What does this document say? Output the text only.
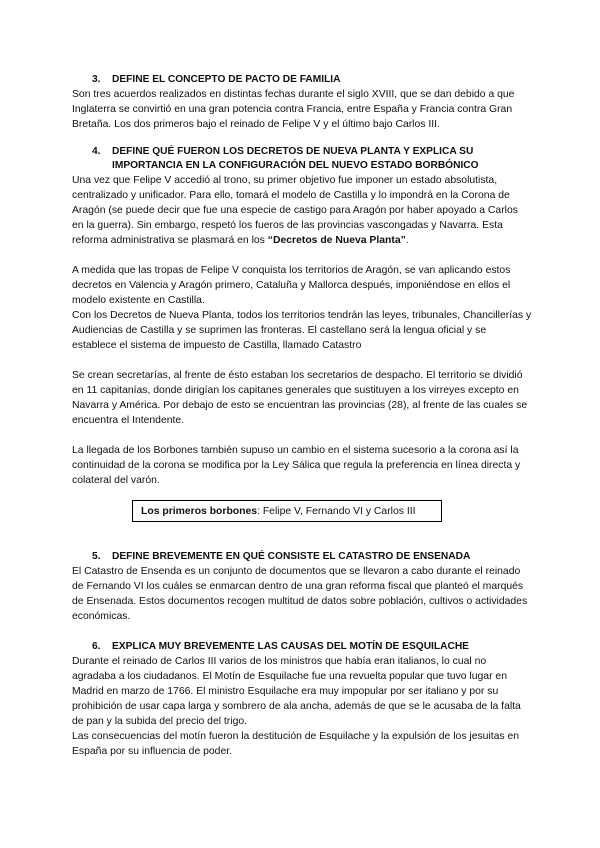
3. DEFINE EL CONCEPTO DE PACTO DE FAMILIA

Son tres acuerdos realizados en distintas fechas durante el siglo XVIII, que se dan debido a que Inglaterra se convirtió en una gran potencia contra Francia, entre España y Francia contra Gran Bretaña. Los dos primeros bajo el reinado de Felipe V y el último bajo Carlos III.

4. DEFINE QUÉ FUERON LOS DECRETOS DE NUEVA PLANTA Y EXPLICA SU
IMPORTANCIA EN LA CONFIGURACIÓN DEL NUEVO ESTADO BORBÓNICO

Una vez que Felipe V accedió al trono, su primer objetivo fue imponer un estado absolutista, centralizado y unificador. Para ello, tomará el modelo de Castilla y lo impondrá en la Corona de Aragón (se puede decir que fue una especie de castigo para Aragón por haber apoyado a Carlos en la guerra). Sin embargo, respetó los fueros de las provincias vascongadas y Navarra. Esta reforma administrativa se plasmará en los “Decretos de Nueva Planta”.

A medida que las tropas de Felipe V conquista los territorios de Aragón, se van aplicando estos decretos en Valencia y Aragón primero, Cataluña y Mallorca después, imponiéndose en ellos el modelo existente en Castilla.

Con los Decretos de Nueva Planta, todos los territorios tendrán las leyes, tribunales, Chancillerías y Audiencias de Castilla y se suprimen las fronteras. El castellano será la lengua oficial y se establece el sistema de impuesto de Castilla, llamado Catastro

Se crean secretarías, al frente de ésto estaban los secretarios de despacho. El territorio se dividió en 11 capitanías, donde dirigían los capitanes generales que sustituyen a los virreyes excepto en Navarra y América. Por debajo de esto se encuentran las provincias (28), al frente de las cuales se encuentra el Intendente.

La llegada de los Borbones también supuso un cambio en el sistema sucesorio a la corona así la continuidad de la corona se modifica por la Ley Sálica que regula la preferencia en línea directa y colateral del varón.

Los primeros borbones: Felipe V, Fernando VI y Carlos III
5. DEFINE BREVEMENTE EN QUÉ CONSISTE EL CATASTRO DE ENSENADA

El Catastro de Ensenda es un conjunto de documentos que se llevaron a cabo durante el reinado de Fernando VI los cuáles se enmarcan dentro de una gran reforma fiscal que planteó el marqués de Ensenada. Estos documentos recogen multitud de datos sobre población, cultivos o actividades económicas.

6. EXPLICA MUY BREVEMENTE LAS CAUSAS DEL MOTÍN DE ESQUILACHE

Durante el reinado de Carlos III varios de los ministros que había eran italianos, lo cual no agradaba a los ciudadanos. El Motín de Esquilache fue una revuelta popular que tuvo lugar en Madrid en marzo de 1766. El ministro Esquilache era muy impopular por ser italiano y por su prohibición de usar capa larga y sombrero de ala ancha, además de que se le acusaba de la falta de pan y la subida del precio del trigo.

Las consecuencias del motín fueron la destitución de Esquilache y la expulsión de los jesuitas en España por su influencia de poder.
